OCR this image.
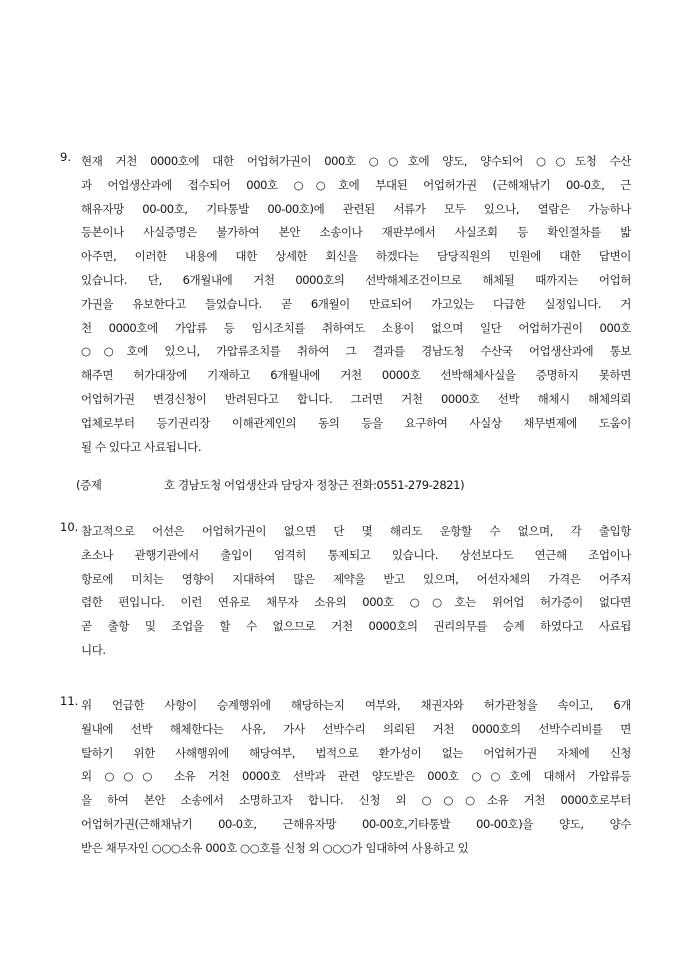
9. 현재 거천 0000호에 대한 어업허가권이 000호 ○○호에 양도, 양수되어 ○○도청 수산
과 어업생산과에 접수되어 000호 ○○호에 부대된 어업허가권 (근해채낚기 00-0호, 근
해유자망 00-00호, 기타통발 00-00호)에 관련된 서류가 모두 있으나, 열람은 가능하나
등본이나 사실증명은 불가하여 본안 소송이나 재판부에서 사실조회 등 확인절차를 밟
아주면, 이러한 내용에 대한 상세한 회신을 하겠다는 담당직원의 민원에 대한 답변이
있습니다. 단, 6개월내에 거천 0000호의 선박해체조건이므로 해체될 때까지는 어업허
가권을 유보한다고 들었습니다. 곧 6개월이 만료되어 가고있는 다급한 실정입니다. 거
천 0000호에 가압류 등 임시조치를 취하여도 소용이 없으며 일단 어업허가권이 000호
○○호에 있으니, 가압류조치를 취하여 그 결과를 경남도청 수산국 어업생산과에 통보
해주면 허가대장에 기재하고 6개월내에 거천 0000호 선박해체사실을 증명하지 못하면
어업허가권 변경신청이 반려된다고 합니다. 그러면 거천 0000호 선박 해체시 해체의뢰
업체로부터 등기권리장 이해관계인의 동의 등을 요구하여 사실상 채무변제에 도움이
될 수 있다고 사료됩니다.
(증제	호 경남도청 어업생산과 담당자 정창근 전화:0551-279-2821)
10. 참고적으로 어선은 어업허가권이 없으면 단 몇 해리도 운항할 수 없으며, 각 출입항
초소나 관행기관에서 출입이 엄격히 통제되고 있습니다. 상선보다도 연근해 조업이나
항로에 미치는 영향이 지대하여 많은 제약을 받고 있으며, 어선자체의 가격은 어주저
렴한 편입니다. 이런 연유로 채무자 소유의 000호 ○○호는 위어업 허가증이 없다면
곧 출항 및 조업을 할 수 없으므로 거천 0000호의 권리의무를 승계 하였다고 사료됩
니다.
11. 위 언급한 사항이 승계행위에 해당하는지 여부와, 채권자와 허가관청을 속이고, 6개
월내에 선박 해체한다는 사유, 가사 선박수리 의뢰된 거천 0000호의 선박수리비를 면
탈하기 위한 사해행위에 해당여부, 법적으로 환가성이 없는 어업허가권 자체에 신청
외 ○○○ 소유 거천 0000호 선박과 관련 양도받은 000호 ○○호에 대해서 가압류등
을 하여 본안 소송에서 소명하고자 합니다. 신청 외 ○○○소유 거천 0000호로부터
어업허가권(근해채낚기 00-0호, 근해유자망 00-00호,기타통발 00-00호)을 양도, 양수
받은 채무자인 ○○○소유 000호 ○○호를 신청 외 ○○○가 임대하여 사용하고 있
